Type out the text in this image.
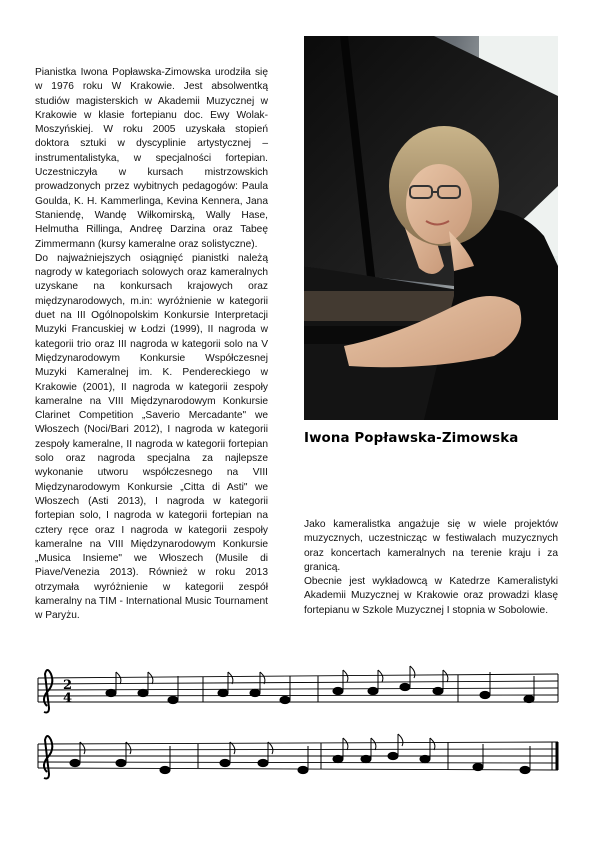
Pianistka Iwona Popławska-Zimowska urodziła się w 1976 roku W Krakowie. Jest absolwentką studiów magisterskich w Akademii Muzycznej w Krakowie w klasie fortepianu doc. Ewy Wolak-Moszyńskiej. W roku 2005 uzyskała stopień doktora sztuki w dyscyplinie artystycznej – instrumentalistyka, w specjalności fortepian. Uczestniczyła w kursach mistrzowskich prowadzonych przez wybitnych pedagogów: Paula Goulda, K. H. Kammerlinga, Kevina Kennera, Jana Staniendę, Wandę Wiłkomirską, Wally Hase, Helmutha Rillinga, Andreę Darzina oraz Tabeę Zimmermann (kursy kameralne oraz solistyczne).

Do najważniejszych osiągnięć pianistki należą nagrody w kategoriach solowych oraz kameralnych uzyskane na konkursach krajowych oraz międzynarodowych, m.in: wyróżnienie w kategorii duet na III Ogólnopolskim Konkursie Interpretacji Muzyki Francuskiej w Łodzi (1999), II nagroda w kategorii trio oraz III nagroda w kategorii solo na V Międzynarodowym Konkursie Współczesnej Muzyki Kameralnej im. K. Pendereckiego w Krakowie (2001), II nagroda w kategorii zespoły kameralne na VIII Międzynarodowym Konkursie Clarinet Competition „Saverio Mercadante" we Włoszech (Noci/Bari 2012), I nagroda w kategorii zespoły kameralne, II nagroda w kategorii fortepian solo oraz nagroda specjalna za najlepsze wykonanie utworu współczesnego na VIII Międzynarodowym Konkursie „Citta di Asti" we Włoszech (Asti 2013), I nagroda w kategorii fortepian solo, I nagroda w kategorii fortepian na cztery ręce oraz I nagroda w kategorii zespoły kameralne na VIII Międzynarodowym Konkursie „Musica Insieme" we Włoszech (Musile di Piave/Venezia 2013). Również w roku 2013 otrzymała wyróżnienie w kategorii zespół kameralny na TIM - International Music Tournament w Paryżu.

Iwona Popławska-Zimowska

Jako kameralistka angażuje się w wiele projektów muzycznych, uczestnicząc w festiwalach muzycznych oraz koncertach kameralnych na terenie kraju i za granicą.

Obecnie jest wykładowcą w Katedrze Kameralistyki Akademii Muzycznej w Krakowie oraz prowadzi klasę fortepianu w Szkole Muzycznej I stopnia w Sobolowie.

2
4
